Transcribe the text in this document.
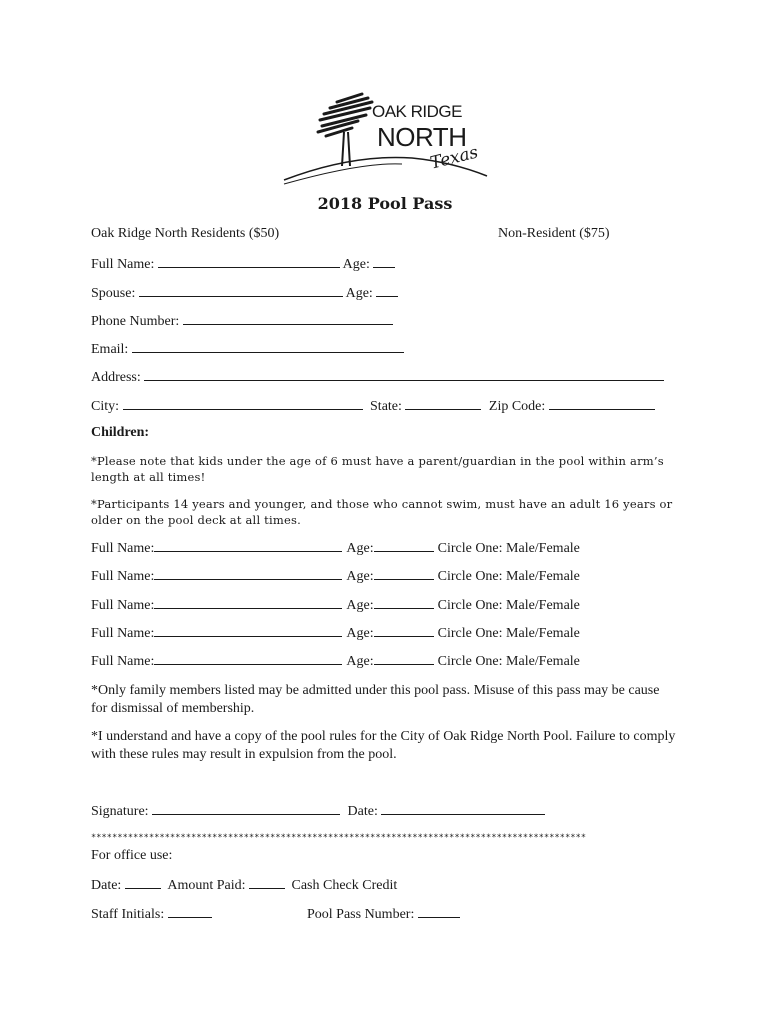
OAK RIDGE
NORTH
Texas
2018 Pool Pass
Oak Ridge North Residents ($50)	Non-Resident ($75)
Full Name:	Age:
Spouse:	Age:
Phone Number:
Email:
Address:
City:	State:	Zip Code:
Children:
*Please note that kids under the age of 6 must have a parent/guardian in the pool within arm’s length at all times!
*Participants 14 years and younger, and those who cannot swim, must have an adult 16 years or older on the pool deck at all times.
Full Name:	Age:	Circle One: Male/Female
Full Name:	Age:	Circle One: Male/Female
Full Name:	Age:	Circle One: Male/Female
Full Name:	Age:	Circle One: Male/Female
Full Name:	Age:	Circle One: Male/Female
*Only family members listed may be admitted under this pool pass. Misuse of this pass may be cause for dismissal of membership.
*I understand and have a copy of the pool rules for the City of Oak Ridge North Pool. Failure to comply with these rules may result in expulsion from the pool.
Signature:	Date:
**********************************************************************************************
For office use:
Date:	Amount Paid:	Cash Check Credit
Staff Initials:	Pool Pass Number:
